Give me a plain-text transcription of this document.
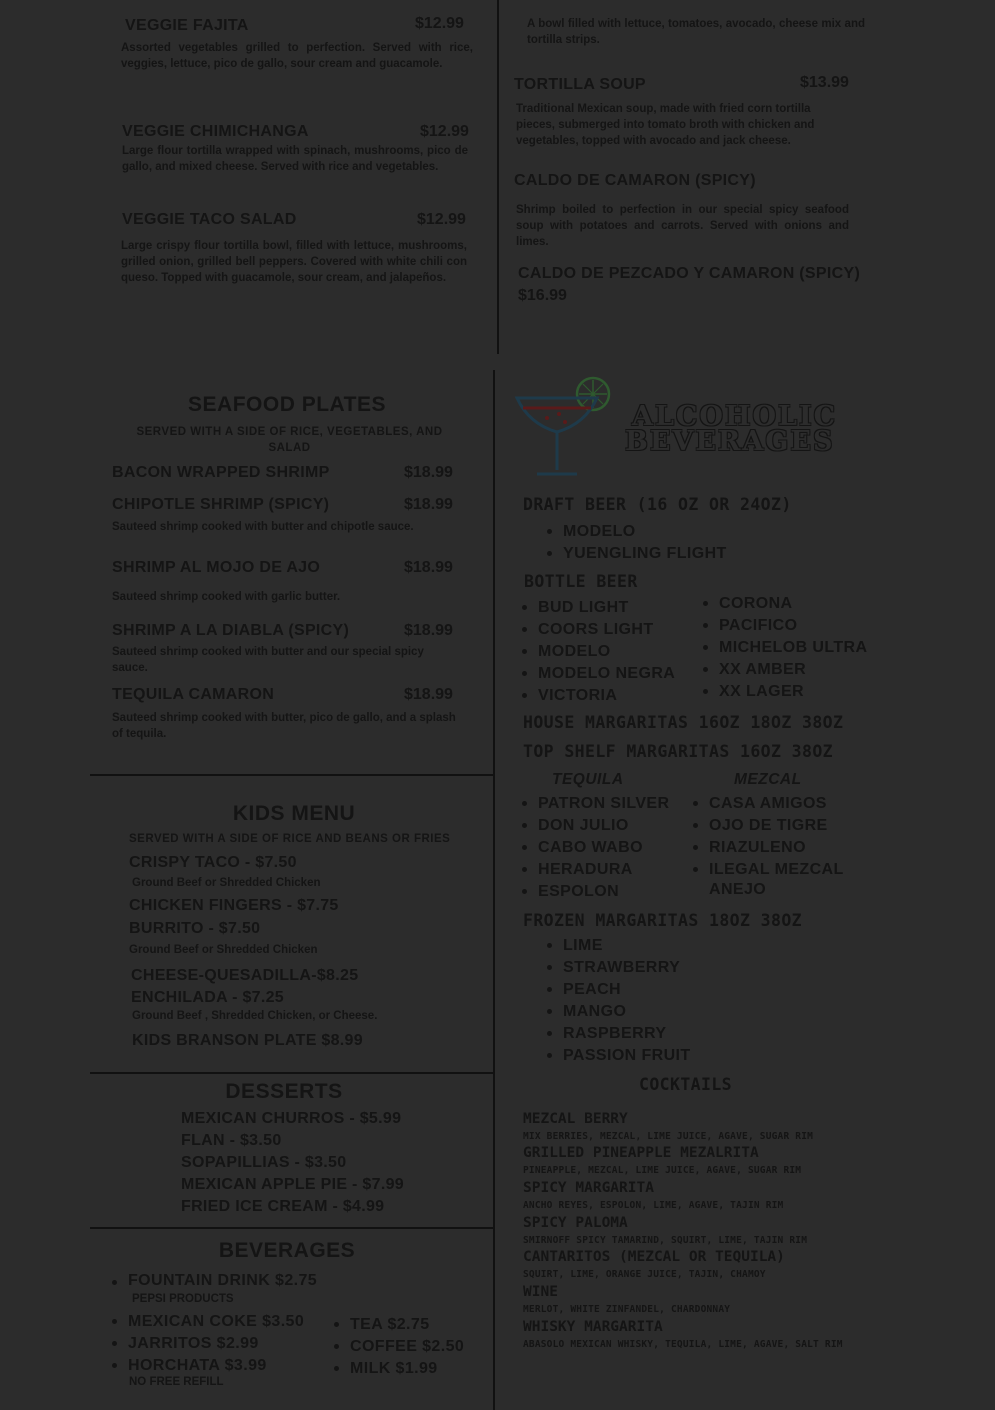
VEGGIE FAJITA	$12.99
Assorted vegetables grilled to perfection. Served with rice, veggies, lettuce, pico de gallo, sour cream and guacamole.
VEGGIE CHIMICHANGA	$12.99
Large flour tortilla wrapped with spinach, mushrooms, pico de gallo, and mixed cheese. Served with rice and vegetables.
VEGGIE TACO SALAD	$12.99
Large crispy flour tortilla bowl, filled with lettuce, mushrooms, grilled onion, grilled bell peppers. Covered with white chili con queso. Topped with guacamole, sour cream, and jalapeños.
A bowl filled with lettuce, tomatoes, avocado, cheese mix and tortilla strips.
TORTILLA SOUP	$13.99
Traditional Mexican soup, made with fried corn tortilla pieces, submerged into tomato broth with chicken and vegetables, topped with avocado and jack cheese.
CALDO DE CAMARON (SPICY)
Shrimp boiled to perfection in our special spicy seafood soup with potatoes and carrots. Served with onions and limes.
CALDO DE PEZCADO Y CAMARON (SPICY)
$16.99
SEAFOOD PLATES
SERVED WITH A SIDE OF RICE, VEGETABLES, AND SALAD
BACON WRAPPED SHRIMP	$18.99
CHIPOTLE SHRIMP (SPICY)	$18.99
Sauteed shrimp cooked with butter and chipotle sauce.
SHRIMP AL MOJO DE AJO	$18.99
Sauteed shrimp cooked with garlic butter.
SHRIMP A LA DIABLA (SPICY)	$18.99
Sauteed shrimp cooked with butter and our special spicy sauce.
TEQUILA CAMARON	$18.99
Sauteed shrimp cooked with butter, pico de gallo, and a splash of tequila.
KIDS MENU
SERVED WITH A SIDE OF RICE AND BEANS OR FRIES
CRISPY TACO - $7.50
Ground Beef or Shredded Chicken
CHICKEN FINGERS - $7.75
BURRITO - $7.50
Ground Beef or Shredded Chicken
CHEESE-QUESADILLA-$8.25
ENCHILADA - $7.25
Ground Beef , Shredded Chicken, or Cheese.
KIDS BRANSON PLATE $8.99
DESSERTS
MEXICAN CHURROS - $5.99
FLAN - $3.50
SOPAPILLIAS - $3.50
MEXICAN APPLE PIE - $7.99
FRIED ICE CREAM - $4.99
BEVERAGES
FOUNTAIN DRINK $2.75
PEPSI PRODUCTS
MEXICAN COKE $3.50
JARRITOS $2.99
HORCHATA $3.99
TEA $2.75
COFFEE $2.50
MILK $1.99
NO FREE REFILL
ALCOHOLIC
BEVERAGES
DRAFT BEER (16 OZ OR 24OZ)
MODELO
YUENGLING FLIGHT
BOTTLE BEER
BUD LIGHT
COORS LIGHT
MODELO
MODELO NEGRA
VICTORIA
CORONA
PACIFICO
MICHELOB ULTRA
XX AMBER
XX LAGER
HOUSE MARGARITAS 16OZ 18OZ 38OZ
TOP SHELF MARGARITAS 16OZ 38OZ
TEQUILA	MEZCAL
PATRON SILVER
DON JULIO
CABO WABO
HERADURA
ESPOLON
CASA AMIGOS
OJO DE TIGRE
RIAZULENO
ILEGAL MEZCAL
ANEJO
FROZEN MARGARITAS 18OZ 38OZ
LIME
STRAWBERRY
PEACH
MANGO
RASPBERRY
PASSION FRUIT
COCKTAILS
MEZCAL BERRY
MIX BERRIES, MEZCAL, LIME JUICE, AGAVE, SUGAR RIM
GRILLED PINEAPPLE MEZALRITA
PINEAPPLE, MEZCAL, LIME JUICE, AGAVE, SUGAR RIM
SPICY MARGARITA
ANCHO REYES, ESPOLON, LIME, AGAVE, TAJIN RIM
SPICY PALOMA
SMIRNOFF SPICY TAMARIND, SQUIRT, LIME, TAJIN RIM
CANTARITOS (MEZCAL OR TEQUILA)
SQUIRT, LIME, ORANGE JUICE, TAJIN, CHAMOY
WINE
MERLOT, WHITE ZINFANDEL, CHARDONNAY
WHISKY MARGARITA
ABASOLO MEXICAN WHISKY, TEQUILA, LIME, AGAVE, SALT RIM
